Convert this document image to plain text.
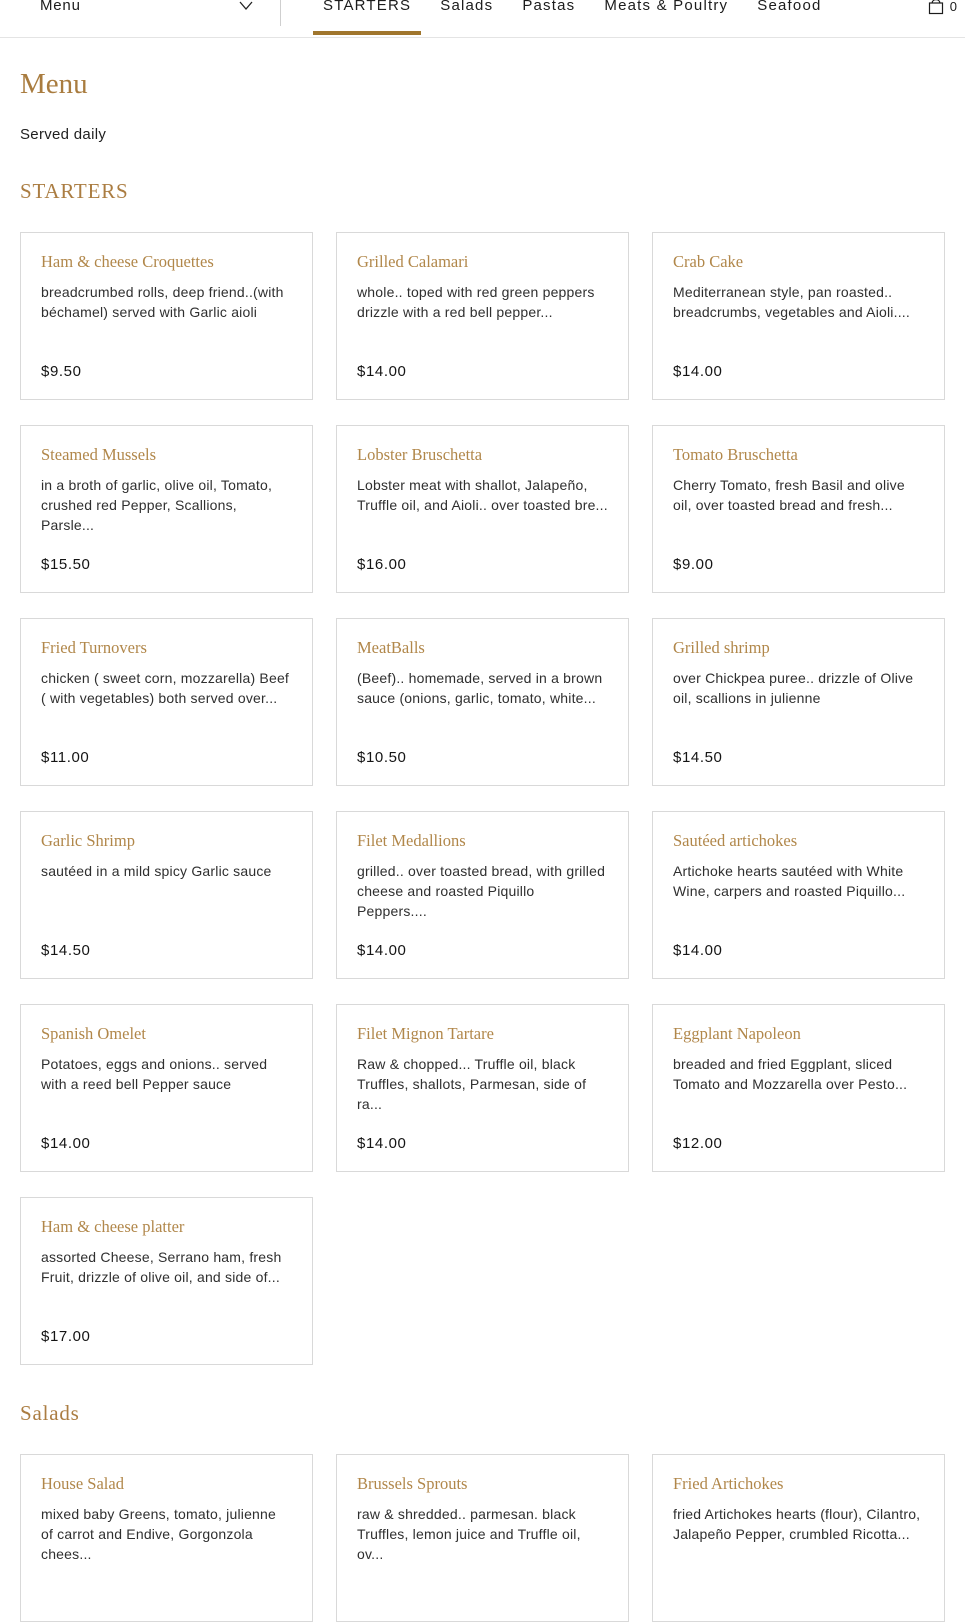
Menu	STARTERS Salads Pastas Meats & Poultry Seafood	0
Menu
Served daily
STARTERS
Ham & cheese Croquettes
breadcrumbed rolls, deep friend..(with béchamel) served with Garlic aioli
$9.50
Grilled Calamari
whole.. toped with red green peppers drizzle with a red bell pepper...
$14.00
Crab Cake
Mediterranean style, pan roasted.. breadcrumbs, vegetables and Aioli....
$14.00
Steamed Mussels
in a broth of garlic, olive oil, Tomato, crushed red Pepper, Scallions, Parsle...
$15.50
Lobster Bruschetta
Lobster meat with shallot, Jalapeño, Truffle oil, and Aioli.. over toasted bre...
$16.00
Tomato Bruschetta
Cherry Tomato, fresh Basil and olive oil, over toasted bread and fresh...
$9.00
Fried Turnovers
chicken ( sweet corn, mozzarella) Beef ( with vegetables) both served over...
$11.00
MeatBalls
(Beef).. homemade, served in a brown sauce (onions, garlic, tomato, white...
$10.50
Grilled shrimp
over Chickpea puree.. drizzle of Olive oil, scallions in julienne
$14.50
Garlic Shrimp
sautéed in a mild spicy Garlic sauce
$14.50
Filet Medallions
grilled.. over toasted bread, with grilled cheese and roasted Piquillo Peppers....
$14.00
Sautéed artichokes
Artichoke hearts sautéed with White Wine, carpers and roasted Piquillo...
$14.00
Spanish Omelet
Potatoes, eggs and onions.. served with a reed bell Pepper sauce
$14.00
Filet Mignon Tartare
Raw & chopped... Truffle oil, black Truffles, shallots, Parmesan, side of ra...
$14.00
Eggplant Napoleon
breaded and fried Eggplant, sliced Tomato and Mozzarella over Pesto...
$12.00
Ham & cheese platter
assorted Cheese, Serrano ham, fresh Fruit, drizzle of olive oil, and side of...
$17.00
Salads
House Salad
mixed baby Greens, tomato, julienne of carrot and Endive, Gorgonzola chees...
Brussels Sprouts
raw & shredded.. parmesan. black Truffles, lemon juice and Truffle oil, ov...
Fried Artichokes
fried Artichokes hearts (flour), Cilantro, Jalapeño Pepper, crumbled Ricotta...
